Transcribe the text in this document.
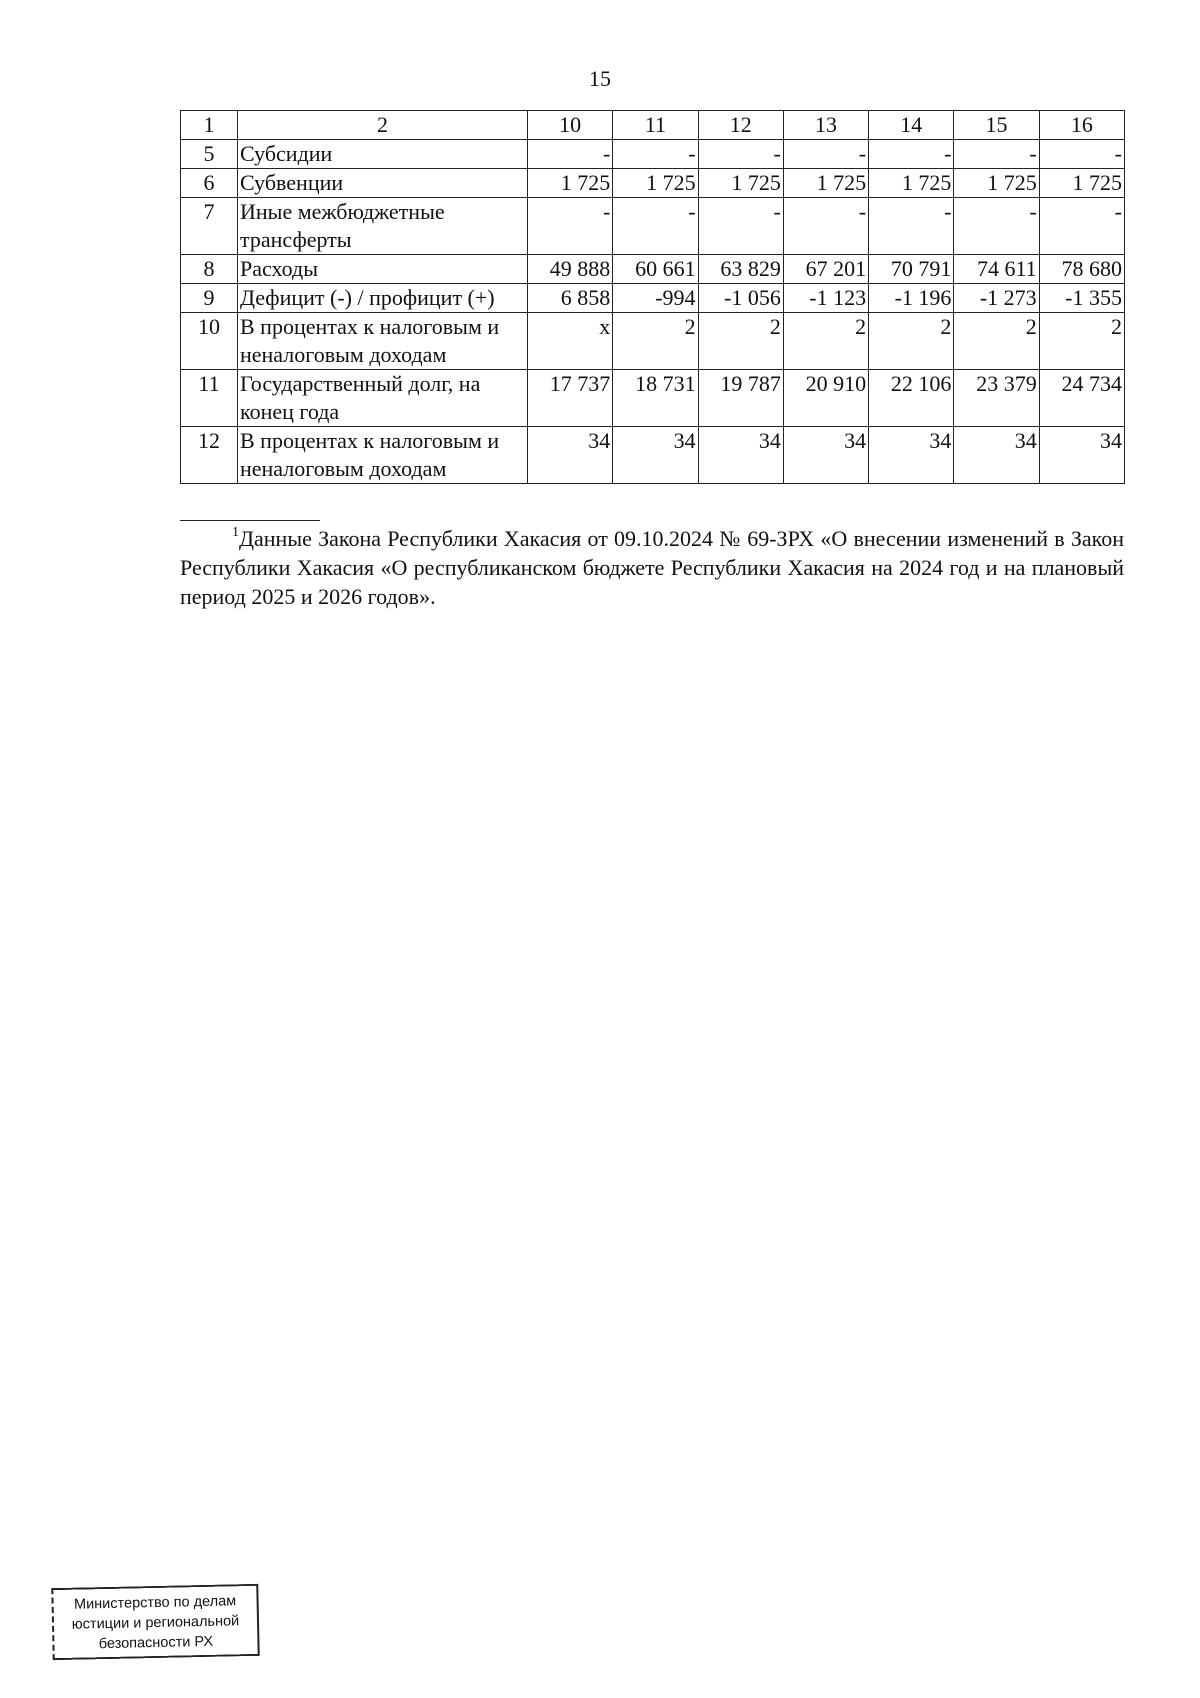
15
1	2	10	11	12	13	14	15	16
5	Субсидии	-	-	-	-	-	-	-
6	Субвенции	1 725	1 725	1 725	1 725	1 725	1 725	1 725
7	Иные межбюджетные трансферты	-	-	-	-	-	-	-
8	Расходы	49 888	60 661	63 829	67 201	70 791	74 611	78 680
9	Дефицит (-) / профицит (+)	6 858	-994	-1 056	-1 123	-1 196	-1 273	-1 355
10	В процентах к налоговым и неналоговым доходам	x	2	2	2	2	2	2
11	Государственный долг, на конец года	17 737	18 731	19 787	20 910	22 106	23 379	24 734
12	В процентах к налоговым и неналоговым доходам	34	34	34	34	34	34	34
$^1$Данные Закона Республики Хакасия от 09.10.2024 № 69-ЗРХ «О внесении изменений в Закон Республики Хакасия «О республиканском бюджете Республики Хакасия на 2024 год и на плановый период 2025 и 2026 годов».
Министерство по делам
юстиции и региональной
безопасности РХ
